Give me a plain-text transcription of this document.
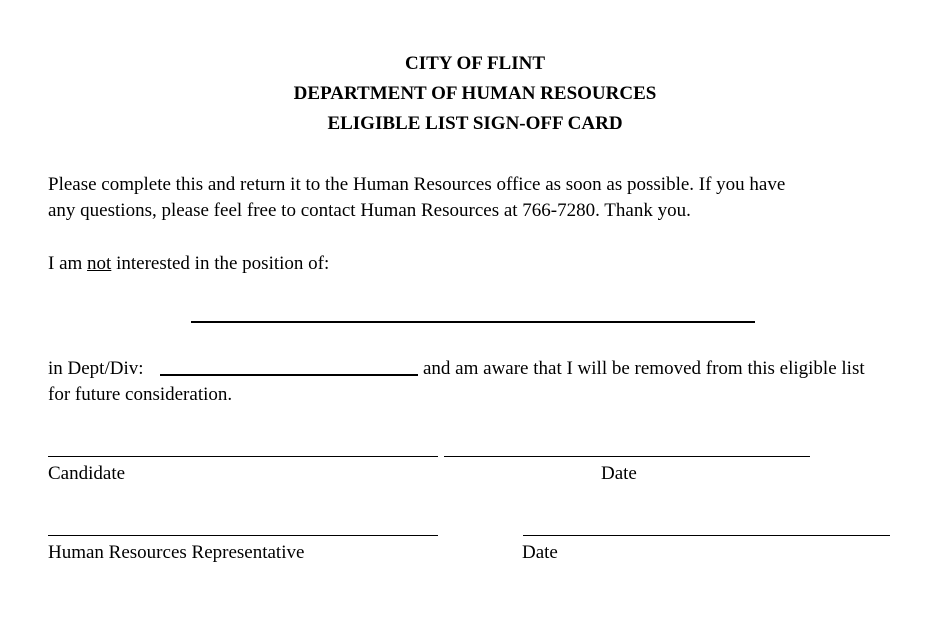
CITY OF FLINT
DEPARTMENT OF HUMAN RESOURCES
ELIGIBLE LIST SIGN-OFF CARD
Please complete this and return it to the Human Resources office as soon as possible. If you have
any questions, please feel free to contact Human Resources at 766-7280. Thank you.
I am not interested in the position of:
in Dept/Div:	and am aware that I will be removed from this eligible list
for future consideration.
Candidate	Date
Human Resources Representative	Date
